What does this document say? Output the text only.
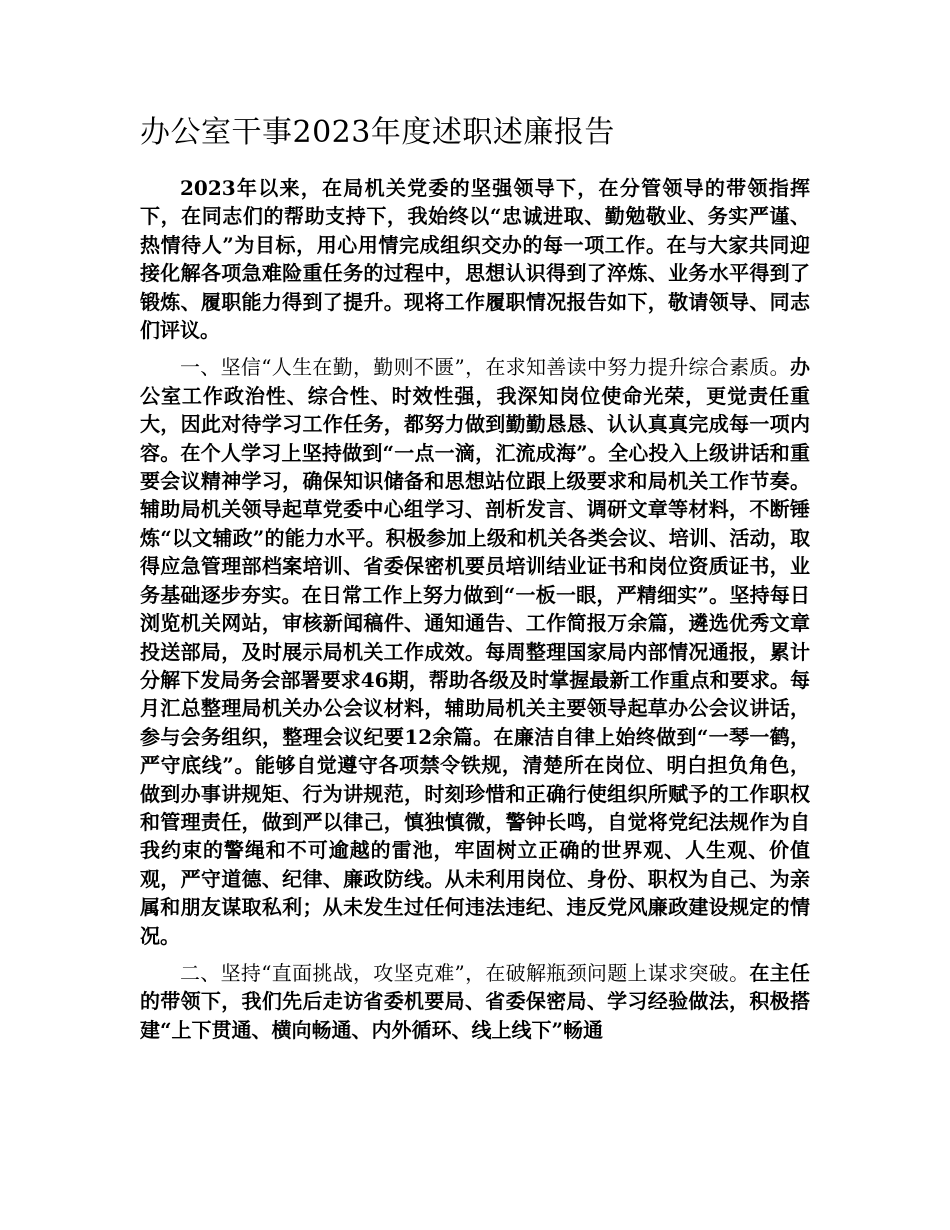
办公室干事2023年度述职述廉报告

2023年以来，在局机关党委的坚强领导下，在分管领导的带领指挥下，在同志们的帮助支持下，我始终以“忠诚进取、勤勉敬业、务实严谨、热情待人”为目标，用心用情完成组织交办的每一项工作。在与大家共同迎接化解各项急难险重任务的过程中，思想认识得到了淬炼、业务水平得到了锻炼、履职能力得到了提升。现将工作履职情况报告如下，敬请领导、同志们评议。

一、坚信“人生在勤，勤则不匮”，在求知善读中努力提升综合素质。办公室工作政治性、综合性、时效性强，我深知岗位使命光荣，更觉责任重大，因此对待学习工作任务，都努力做到勤勤恳恳、认认真真完成每一项内容。在个人学习上坚持做到“一点一滴，汇流成海”。全心投入上级讲话和重要会议精神学习，确保知识储备和思想站位跟上级要求和局机关工作节奏。辅助局机关领导起草党委中心组学习、剖析发言、调研文章等材料，不断锤炼“以文辅政”的能力水平。积极参加上级和机关各类会议、培训、活动，取得应急管理部档案培训、省委保密机要员培训结业证书和岗位资质证书，业务基础逐步夯实。在日常工作上努力做到“一板一眼，严精细实”。坚持每日浏览机关网站，审核新闻稿件、通知通告、工作简报万余篇，遴选优秀文章投送部局，及时展示局机关工作成效。每周整理国家局内部情况通报，累计分解下发局务会部署要求46期，帮助各级及时掌握最新工作重点和要求。每月汇总整理局机关办公会议材料，辅助局机关主要领导起草办公会议讲话，参与会务组织，整理会议纪要12余篇。在廉洁自律上始终做到“一琴一鹤，严守底线”。能够自觉遵守各项禁令铁规，清楚所在岗位、明白担负角色，做到办事讲规矩、行为讲规范，时刻珍惜和正确行使组织所赋予的工作职权和管理责任，做到严以律己，慎独慎微，警钟长鸣，自觉将党纪法规作为自我约束的警绳和不可逾越的雷池，牢固树立正确的世界观、人生观、价值观，严守道德、纪律、廉政防线。从未利用岗位、身份、职权为自己、为亲属和朋友谋取私利；从未发生过任何违法违纪、违反党风廉政建设规定的情况。

二、坚持“直面挑战，攻坚克难”，在破解瓶颈问题上谋求突破。在主任的带领下，我们先后走访省委机要局、省委保密局、学习经验做法，积极搭建“上下贯通、横向畅通、内外循环、线上线下”畅通
